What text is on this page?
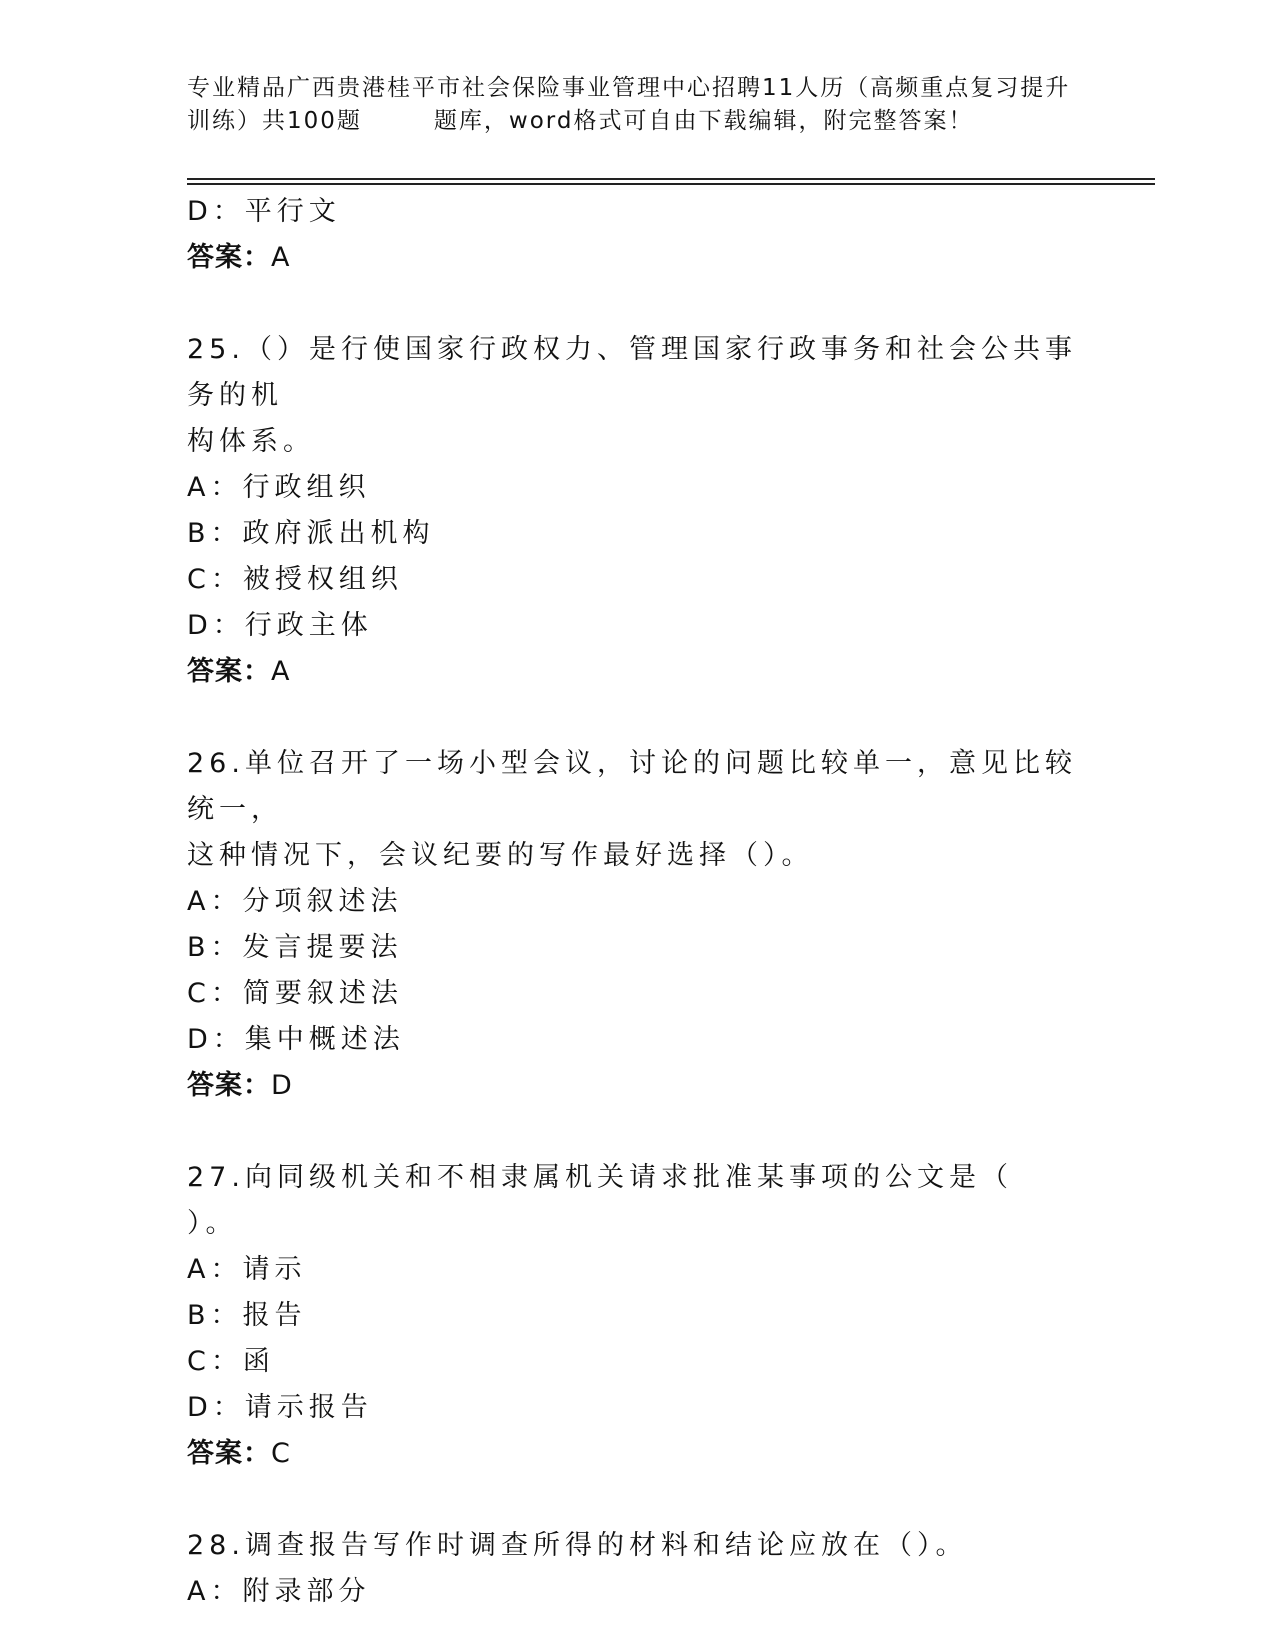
专业精品广西贵港桂平市社会保险事业管理中心招聘11人历（高频重点复习提升
训练）共100题	题库，word格式可自由下载编辑，附完整答案！
D：平行文
答案：A
25.（）是行使国家行政权力、管理国家行政事务和社会公共事务的机
构体系。
A：行政组织
B：政府派出机构
C：被授权组织
D：行政主体
答案：A
26.单位召开了一场小型会议，讨论的问题比较单一，意见比较统一，
这种情况下，会议纪要的写作最好选择（）。
A：分项叙述法
B：发言提要法
C：简要叙述法
D：集中概述法
答案：D
27.向同级机关和不相隶属机关请求批准某事项的公文是（）。
A：请示
B：报告
C：函
D：请示报告
答案：C
28.调查报告写作时调查所得的材料和结论应放在（）。
A：附录部分
